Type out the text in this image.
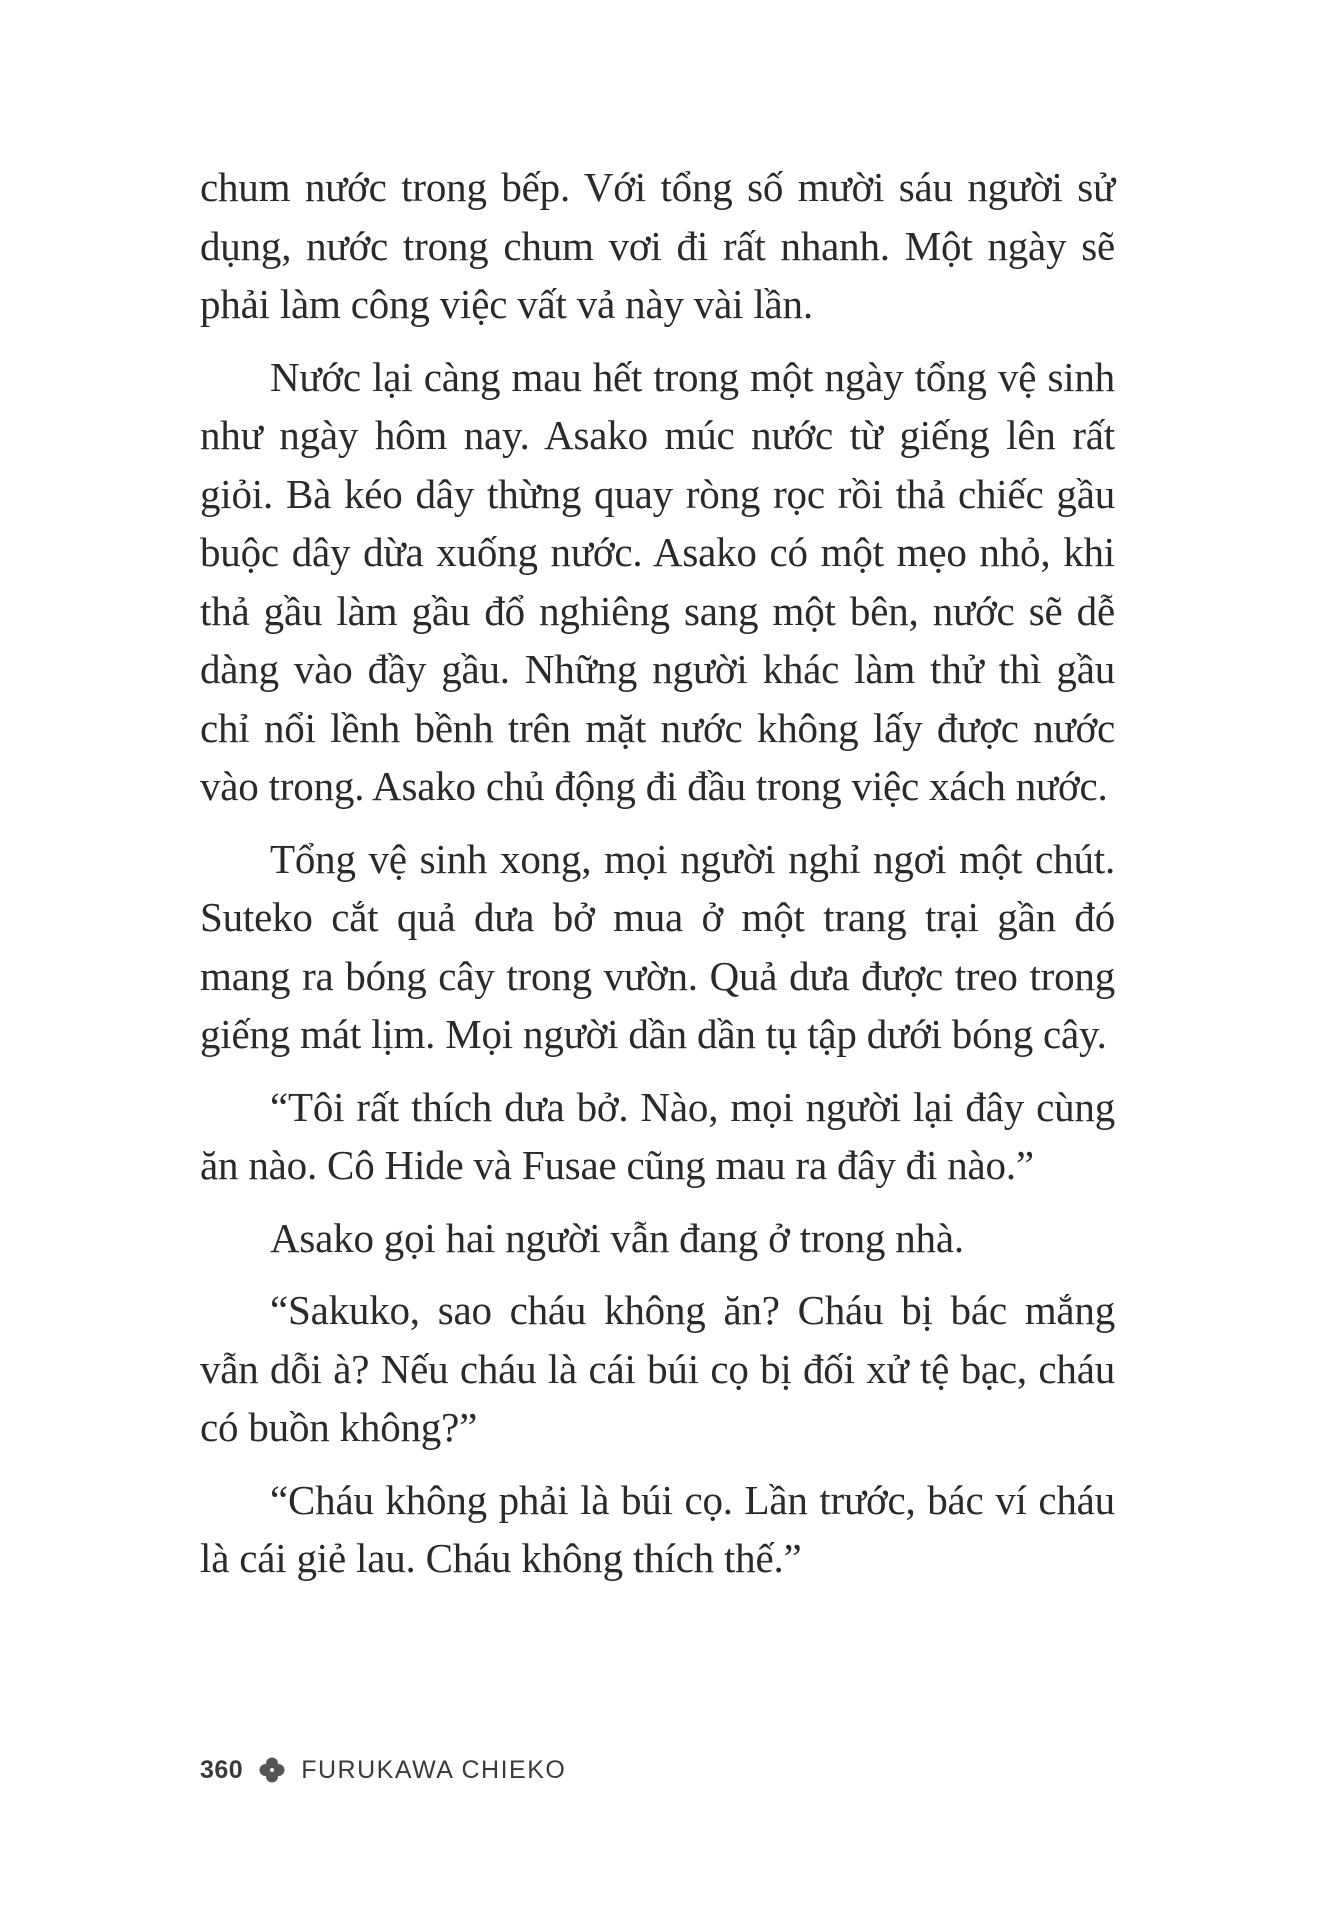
chum nước trong bếp. Với tổng số mười sáu người sử dụng, nước trong chum vơi đi rất nhanh. Một ngày sẽ phải làm công việc vất vả này vài lần.

Nước lại càng mau hết trong một ngày tổng vệ sinh như ngày hôm nay. Asako múc nước từ giếng lên rất giỏi. Bà kéo dây thừng quay ròng rọc rồi thả chiếc gầu buộc dây dừa xuống nước. Asako có một mẹo nhỏ, khi thả gầu làm gầu đổ nghiêng sang một bên, nước sẽ dễ dàng vào đầy gầu. Những người khác làm thử thì gầu chỉ nổi lềnh bềnh trên mặt nước không lấy được nước vào trong. Asako chủ động đi đầu trong việc xách nước.

Tổng vệ sinh xong, mọi người nghỉ ngơi một chút. Suteko cắt quả dưa bở mua ở một trang trại gần đó mang ra bóng cây trong vườn. Quả dưa được treo trong giếng mát lịm. Mọi người dần dần tụ tập dưới bóng cây.

“Tôi rất thích dưa bở. Nào, mọi người lại đây cùng ăn nào. Cô Hide và Fusae cũng mau ra đây đi nào.”

Asako gọi hai người vẫn đang ở trong nhà.

“Sakuko, sao cháu không ăn? Cháu bị bác mắng vẫn dỗi à? Nếu cháu là cái búi cọ bị đối xử tệ bạc, cháu có buồn không?”

“Cháu không phải là búi cọ. Lần trước, bác ví cháu là cái giẻ lau. Cháu không thích thế.”

360 FURUKAWA CHIEKO
